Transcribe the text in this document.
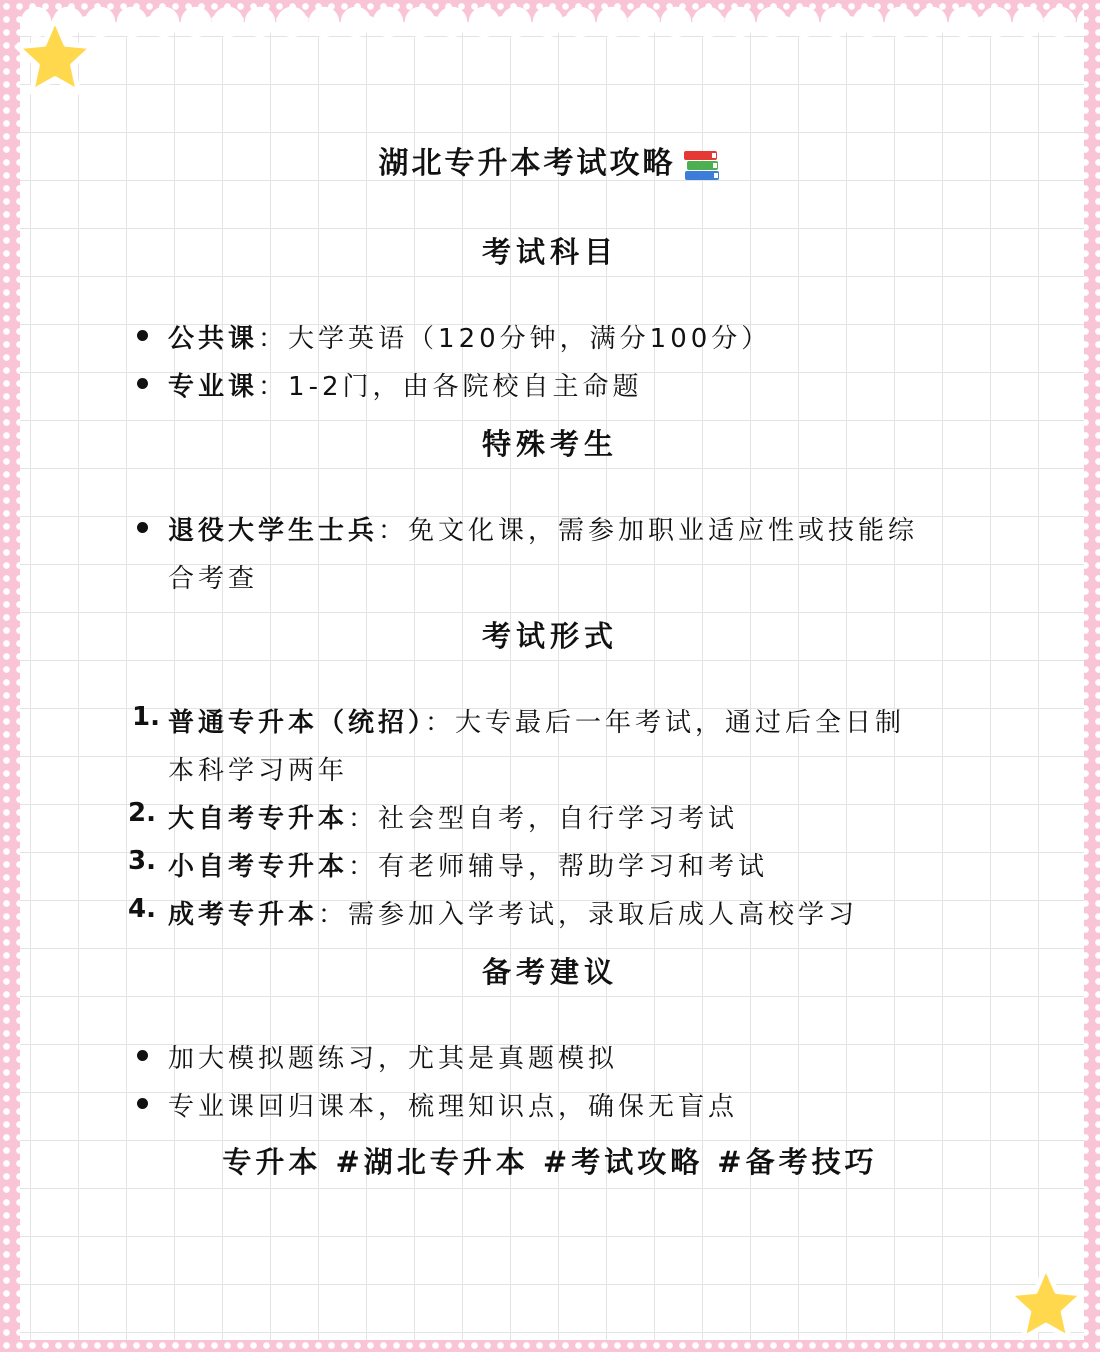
湖北专升本考试攻略
考试科目
公共课：大学英语（120分钟，满分100分）
专业课：1-2门，由各院校自主命题
特殊考生
退役大学生士兵：免文化课，需参加职业适应性或技能综
合考查
考试形式
1. 普通专升本（统招）：大专最后一年考试，通过后全日制
本科学习两年
2. 大自考专升本：社会型自考，自行学习考试
3. 小自考专升本：有老师辅导，帮助学习和考试
4. 成考专升本：需参加入学考试，录取后成人高校学习
备考建议
加大模拟题练习，尤其是真题模拟
专业课回归课本，梳理知识点，确保无盲点
专升本 #湖北专升本 #考试攻略 #备考技巧
